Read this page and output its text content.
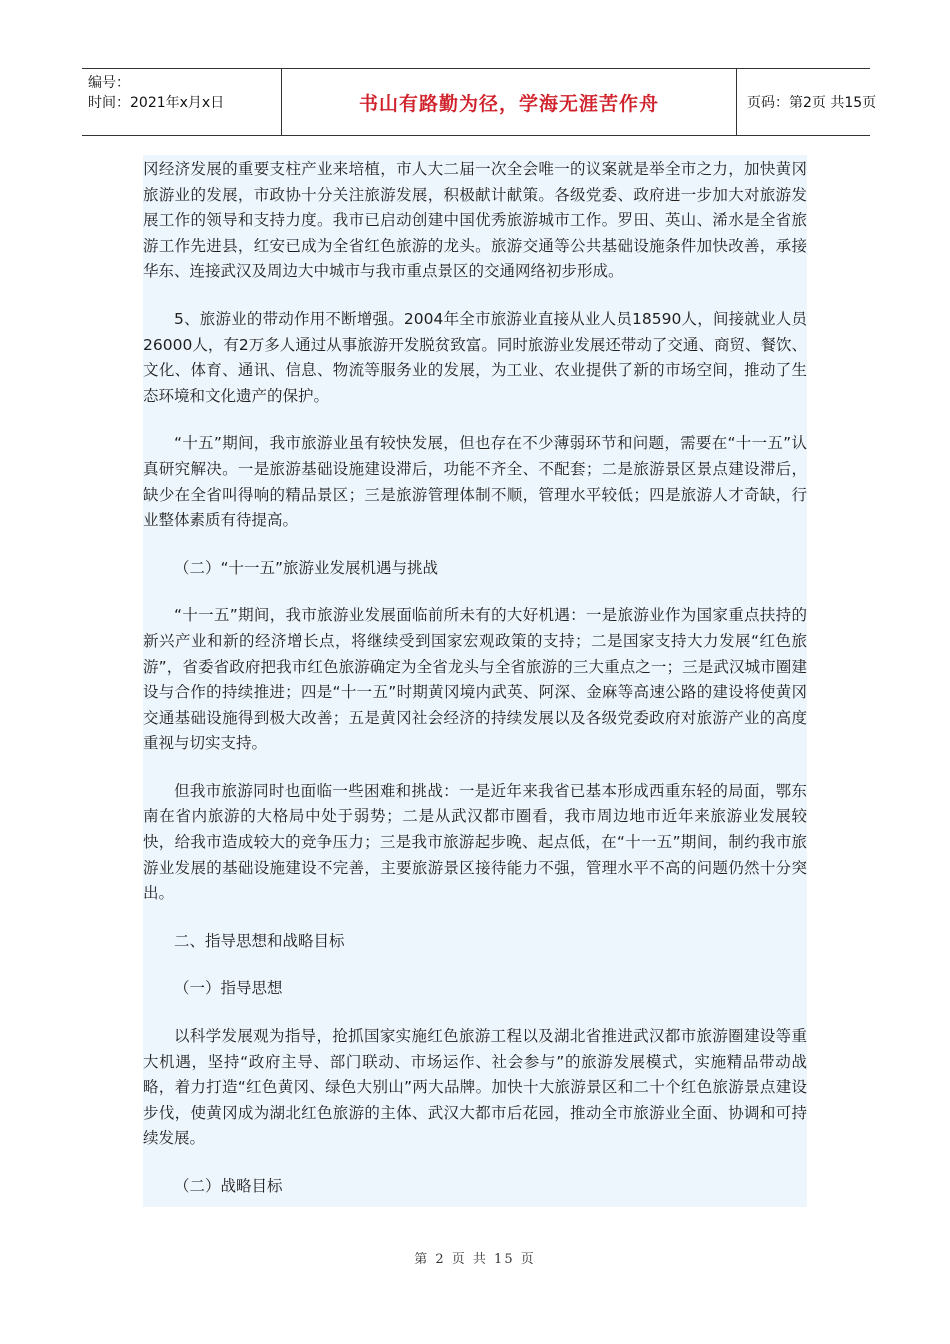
编号：
时间：2021年x月x日	书山有路勤为径，学海无涯苦作舟	页码：第2页 共15页

冈经济发展的重要支柱产业来培植，市人大二届一次全会唯一的议案就是举全市之力，加快黄冈旅游业的发展，市政协十分关注旅游发展，积极献计献策。各级党委、政府进一步加大对旅游发展工作的领导和支持力度。我市已启动创建中国优秀旅游城市工作。罗田、英山、浠水是全省旅游工作先进县，红安已成为全省红色旅游的龙头。旅游交通等公共基础设施条件加快改善，承接华东、连接武汉及周边大中城市与我市重点景区的交通网络初步形成。

5、旅游业的带动作用不断增强。2004年全市旅游业直接从业人员18590人，间接就业人员26000人，有2万多人通过从事旅游开发脱贫致富。同时旅游业发展还带动了交通、商贸、餐饮、文化、体育、通讯、信息、物流等服务业的发展，为工业、农业提供了新的市场空间，推动了生态环境和文化遗产的保护。

“十五”期间，我市旅游业虽有较快发展，但也存在不少薄弱环节和问题，需要在“十一五”认真研究解决。一是旅游基础设施建设滞后，功能不齐全、不配套；二是旅游景区景点建设滞后，缺少在全省叫得响的精品景区；三是旅游管理体制不顺，管理水平较低；四是旅游人才奇缺，行业整体素质有待提高。

（二）“十一五”旅游业发展机遇与挑战

“十一五”期间，我市旅游业发展面临前所未有的大好机遇：一是旅游业作为国家重点扶持的新兴产业和新的经济增长点，将继续受到国家宏观政策的支持；二是国家支持大力发展“红色旅游”，省委省政府把我市红色旅游确定为全省龙头与全省旅游的三大重点之一；三是武汉城市圈建设与合作的持续推进；四是“十一五”时期黄冈境内武英、阿深、金麻等高速公路的建设将使黄冈交通基础设施得到极大改善；五是黄冈社会经济的持续发展以及各级党委政府对旅游产业的高度重视与切实支持。

但我市旅游同时也面临一些困难和挑战：一是近年来我省已基本形成西重东轻的局面，鄂东南在省内旅游的大格局中处于弱势；二是从武汉都市圈看，我市周边地市近年来旅游业发展较快，给我市造成较大的竞争压力；三是我市旅游起步晚、起点低，在“十一五”期间，制约我市旅游业发展的基础设施建设不完善，主要旅游景区接待能力不强，管理水平不高的问题仍然十分突出。

二、指导思想和战略目标

（一）指导思想

以科学发展观为指导，抢抓国家实施红色旅游工程以及湖北省推进武汉都市旅游圈建设等重大机遇，坚持“政府主导、部门联动、市场运作、社会参与”的旅游发展模式，实施精品带动战略，着力打造“红色黄冈、绿色大别山”两大品牌。加快十大旅游景区和二十个红色旅游景点建设步伐，使黄冈成为湖北红色旅游的主体、武汉大都市后花园，推动全市旅游业全面、协调和可持续发展。

（二）战略目标

第 2 页 共 15 页
